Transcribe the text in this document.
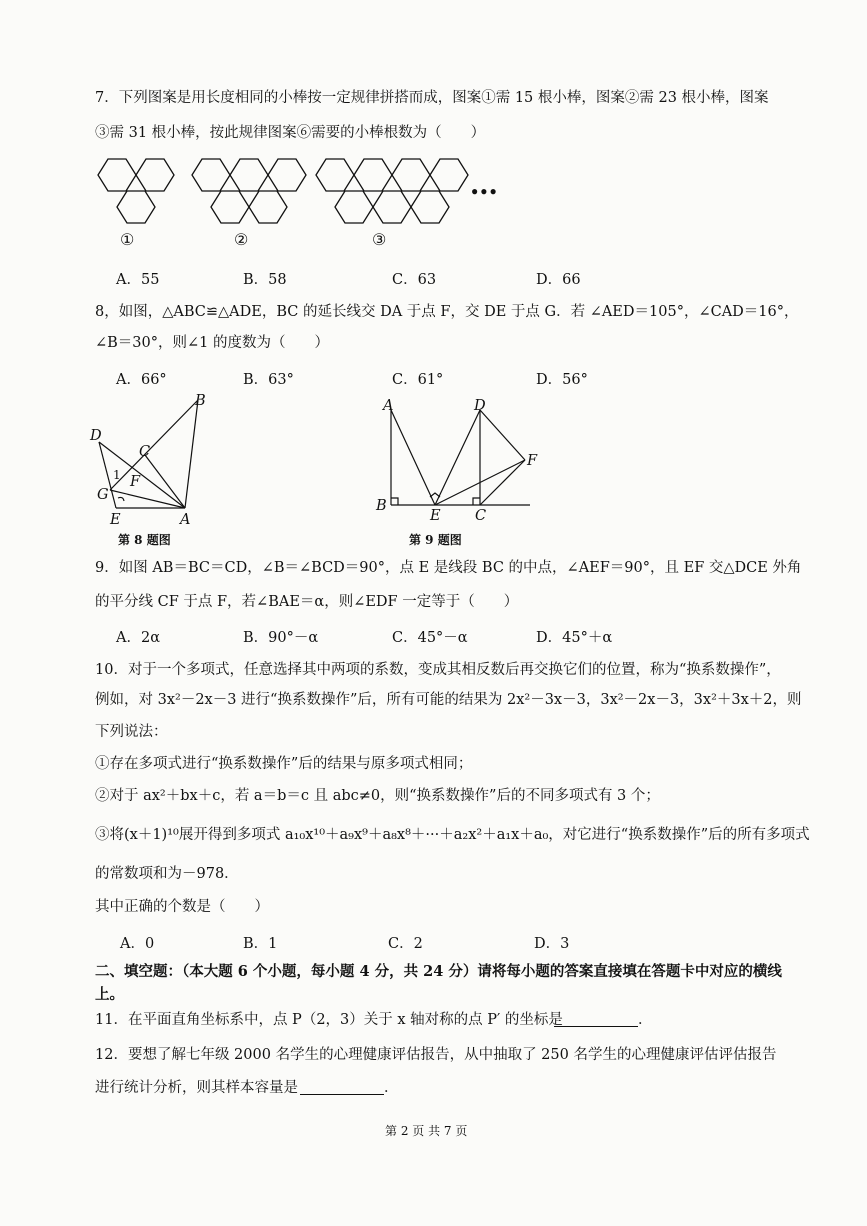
7．下列图案是用长度相同的小棒按一定规律拼搭而成，图案①需 15 根小棒，图案②需 23 根小棒，图案
③需 31 根小棒，按此规律图案⑥需要的小棒根数为（　　）
•••
①	②	③
A．55	B．58	C．63	D．66
8，如图，△ABC≌△ADE，BC 的延长线交 DA 于点 F，交 DE 于点 G．若 ∠AED＝105°，∠CAD＝16°，
∠B＝30°，则∠1 的度数为（　　）
A．66°	B．63°	C．61°	D．56°
D
B
C
F
1
G
E	A
第 8 题图
A	D
F
B
E C
第 9 题图
9．如图 AB＝BC＝CD，∠B＝∠BCD＝90°，点 E 是线段 BC 的中点，∠AEF＝90°，且 EF 交△DCE 外角
的平分线 CF 于点 F，若∠BAE＝α，则∠EDF 一定等于（　　）
A．2α	B．90°－α	C．45°－α	D．45°＋α
10．对于一个多项式，任意选择其中两项的系数，变成其相反数后再交换它们的位置，称为“换系数操作”，
例如，对 3x²－2x－3 进行“换系数操作”后，所有可能的结果为 2x²－3x－3，3x²－2x－3，3x²＋3x＋2，则
下列说法：
①存在多项式进行“换系数操作”后的结果与原多项式相同；
②对于 ax²＋bx＋c，若 a＝b＝c 且 abc≠0，则“换系数操作”后的不同多项式有 3 个；
③将(x＋1)¹⁰展开得到多项式 a₁₀x¹⁰＋a₉x⁹＋a₈x⁸＋···＋a₂x²＋a₁x＋a₀，对它进行“换系数操作”后的所有多项式
的常数项和为－978．
其中正确的个数是（　　）
A．0	B．1	C．2	D．3
二、填空题：（本大题 6 个小题，每小题 4 分，共 24 分）请将每小题的答案直接填在答题卡中对应的横线
上。
11．在平面直角坐标系中，点 P（2，3）关于 x 轴对称的点 P′ 的坐标是	．
12．要想了解七年级 2000 名学生的心理健康评估报告，从中抽取了 250 名学生的心理健康评估评估报告
进行统计分析，则其样本容量是	．
第 2 页 共 7 页
